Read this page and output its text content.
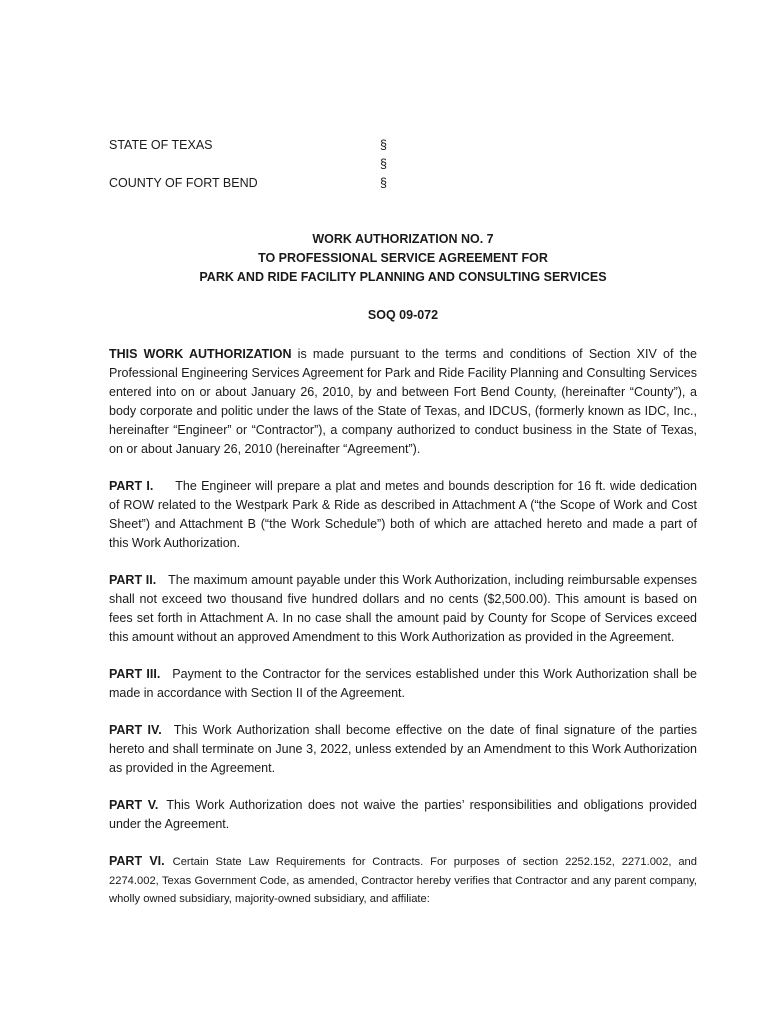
STATE OF TEXAS	§
§
COUNTY OF FORT BEND	§
WORK AUTHORIZATION NO. 7
TO PROFESSIONAL SERVICE AGREEMENT FOR
PARK AND RIDE FACILITY PLANNING AND CONSULTING SERVICES
SOQ 09-072

THIS WORK AUTHORIZATION is made pursuant to the terms and conditions of Section XIV of the Professional Engineering Services Agreement for Park and Ride Facility Planning and Consulting Services entered into on or about January 26, 2010, by and between Fort Bend County, (hereinafter “County”), a body corporate and politic under the laws of the State of Texas, and IDCUS, (formerly known as IDC, Inc., hereinafter “Engineer” or “Contractor”), a company authorized to conduct business in the State of Texas, on or about January 26, 2010 (hereinafter “Agreement”).

PART I. The Engineer will prepare a plat and metes and bounds description for 16 ft. wide dedication of ROW related to the Westpark Park & Ride as described in Attachment A (“the Scope of Work and Cost Sheet”) and Attachment B (“the Work Schedule”) both of which are attached hereto and made a part of this Work Authorization.

PART II. The maximum amount payable under this Work Authorization, including reimbursable expenses shall not exceed two thousand five hundred dollars and no cents ($2,500.00). This amount is based on fees set forth in Attachment A. In no case shall the amount paid by County for Scope of Services exceed this amount without an approved Amendment to this Work Authorization as provided in the Agreement.

PART III. Payment to the Contractor for the services established under this Work Authorization shall be made in accordance with Section II of the Agreement.

PART IV. This Work Authorization shall become effective on the date of final signature of the parties hereto and shall terminate on June 3, 2022, unless extended by an Amendment to this Work Authorization as provided in the Agreement.

PART V. This Work Authorization does not waive the parties’ responsibilities and obligations provided under the Agreement.

PART VI. Certain State Law Requirements for Contracts. For purposes of section 2252.152, 2271.002, and 2274.002, Texas Government Code, as amended, Contractor hereby verifies that Contractor and any parent company, wholly owned subsidiary, majority-owned subsidiary, and affiliate:
